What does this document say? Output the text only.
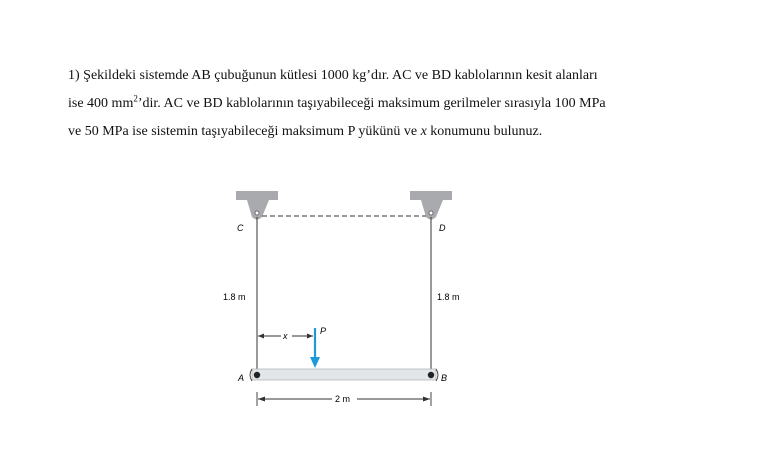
1) Şekildeki sistemde AB çubuğunun kütlesi 1000 kg’dır. AC ve BD kablolarının kesit alanları
ise 400 $mm^2’dir$. AC ve BD kablolarının taşıyabileceği maksimum gerilmeler sırasıyla 100 MPa
ve 50 MPa ise sistemin taşıyabileceği maksimum P yükünü ve x konumunu bulunuz.
C	D
A	B
P
x
1.8 m	1.8 m
2 m
